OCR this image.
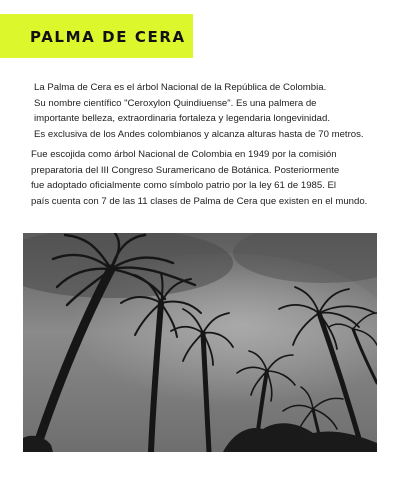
PALMA DE CERA

La Palma de Cera es el árbol Nacional de la República de Colombia.
Su nombre científico "Ceroxylon Quindiuense". Es una palmera de
importante belleza, extraordinaria fortaleza y legendaria longevinidad.
Es exclusiva de los Andes colombianos y alcanza alturas hasta de 70 metros.

Fue escojida como árbol Nacional de Colombia en 1949 por la comisión
preparatoria del III Congreso Suramericano de Botánica. Posteriormente
fue adoptado oficialmente como símbolo patrio por la ley 61 de 1985. El
país cuenta con 7 de las 11 clases de Palma de Cera que existen en el mundo.
